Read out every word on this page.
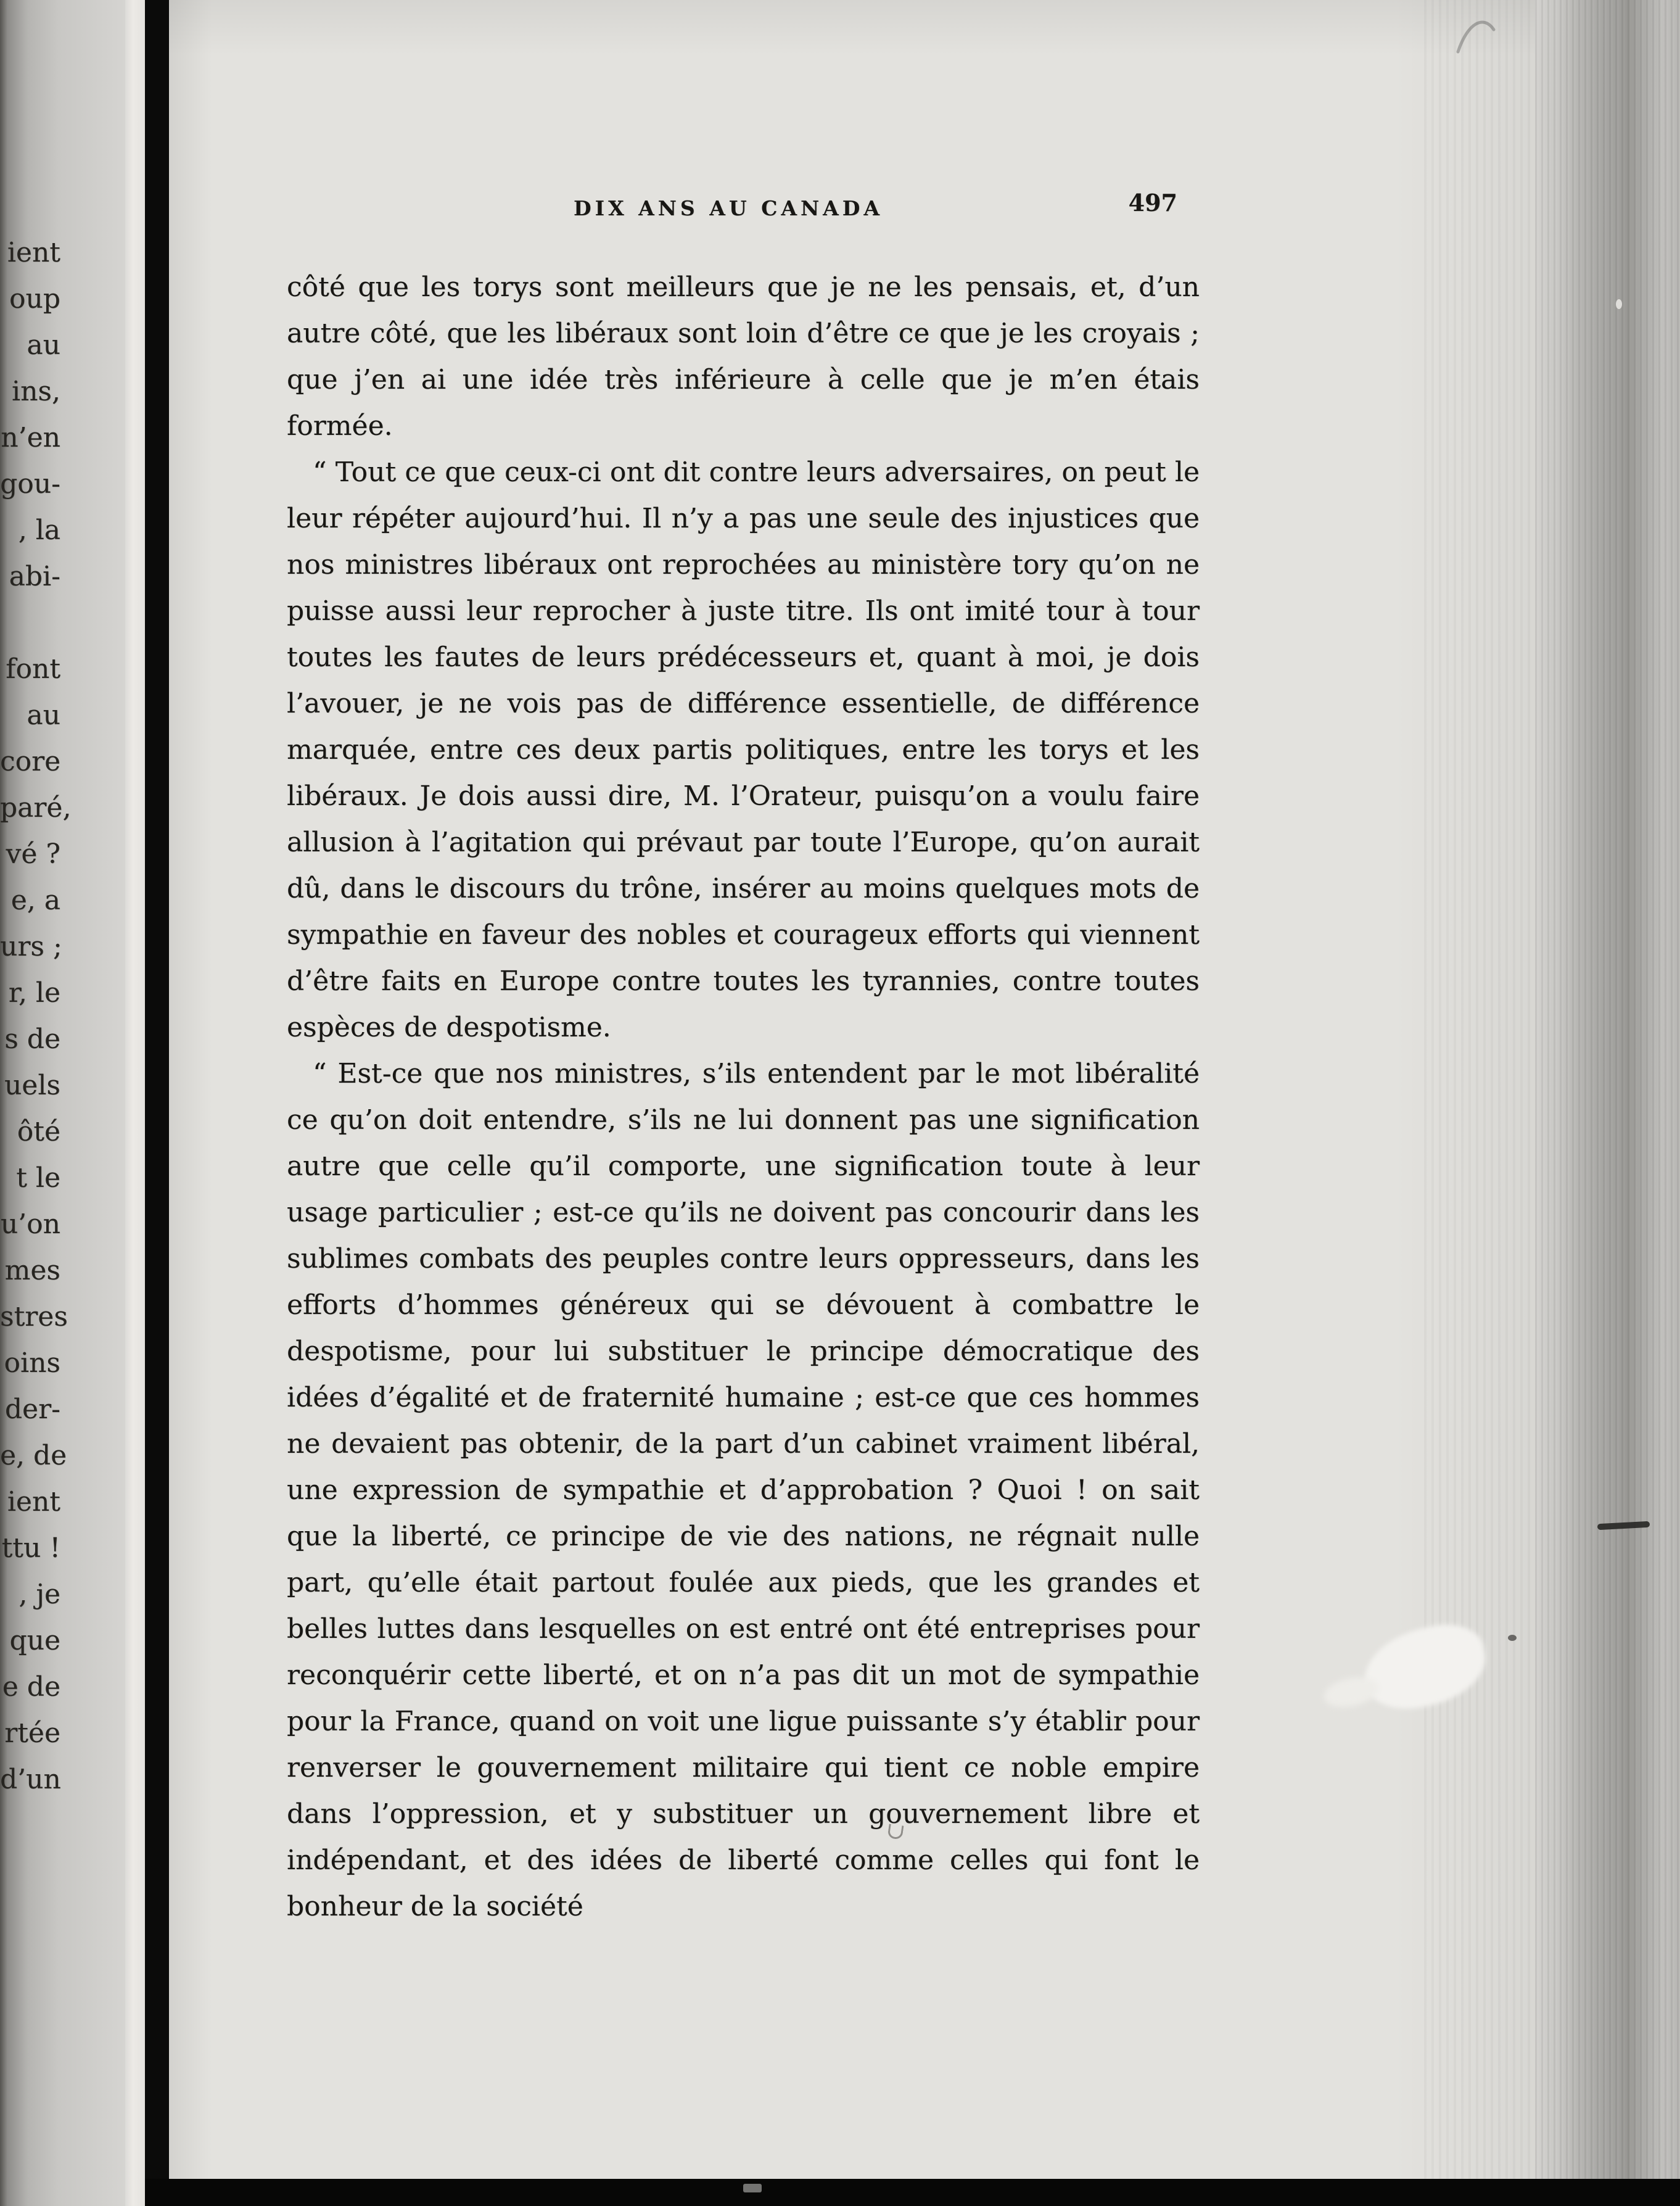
ient
oup
au
ins,
n’en
gou-
, la
abi-

font
au
core
paré,
vé ?
e, a
urs ;
r, le
s de
uels
ôté
t le
u’on
mes
stres
oins
der-
e, de
ient
ttu !
, je
que
e de
rtée
d’un
DIX ANS AU CANADA	497

côté que les torys sont meilleurs que je ne les pensais, et, d’un autre côté, que les libéraux sont loin d’être ce que je les croyais ; que j’en ai une idée très inférieure à celle que je m’en étais formée.

“ Tout ce que ceux-ci ont dit contre leurs adversaires, on peut le leur répéter aujourd’hui. Il n’y a pas une seule des injustices que nos ministres libéraux ont reprochées au ministère tory qu’on ne puisse aussi leur reprocher à juste titre. Ils ont imité tour à tour toutes les fautes de leurs prédécesseurs et, quant à moi, je dois l’avouer, je ne vois pas de différence essentielle, de différence marquée, entre ces deux partis politiques, entre les torys et les libéraux. Je dois aussi dire, M. l’Orateur, puisqu’on a voulu faire allusion à l’agitation qui prévaut par toute l’Europe, qu’on aurait dû, dans le discours du trône, insérer au moins quelques mots de sympathie en faveur des nobles et courageux efforts qui viennent d’être faits en Europe contre toutes les tyrannies, contre toutes espèces de despotisme.

“ Est-ce que nos ministres, s’ils entendent par le mot libéralité ce qu’on doit entendre, s’ils ne lui donnent pas une signification autre que celle qu’il comporte, une signification toute à leur usage particulier ; est-ce qu’ils ne doivent pas concourir dans les sublimes combats des peuples contre leurs oppresseurs, dans les efforts d’hommes généreux qui se dévouent à combattre le despotisme, pour lui substituer le principe démocratique des idées d’égalité et de fraternité humaine ; est-ce que ces hommes ne devaient pas obtenir, de la part d’un cabinet vraiment libéral, une expression de sympathie et d’approbation ? Quoi ! on sait que la liberté, ce principe de vie des nations, ne régnait nulle part, qu’elle était partout foulée aux pieds, que les grandes et belles luttes dans lesquelles on est entré ont été entreprises pour reconquérir cette liberté, et on n’a pas dit un mot de sympathie pour la France, quand on voit une ligue puissante s’y établir pour renverser le gouvernement militaire qui tient ce noble empire dans l’oppression, et y substituer un gouvernement libre et indépendant, et des idées de liberté comme celles qui font le bonheur de la société
